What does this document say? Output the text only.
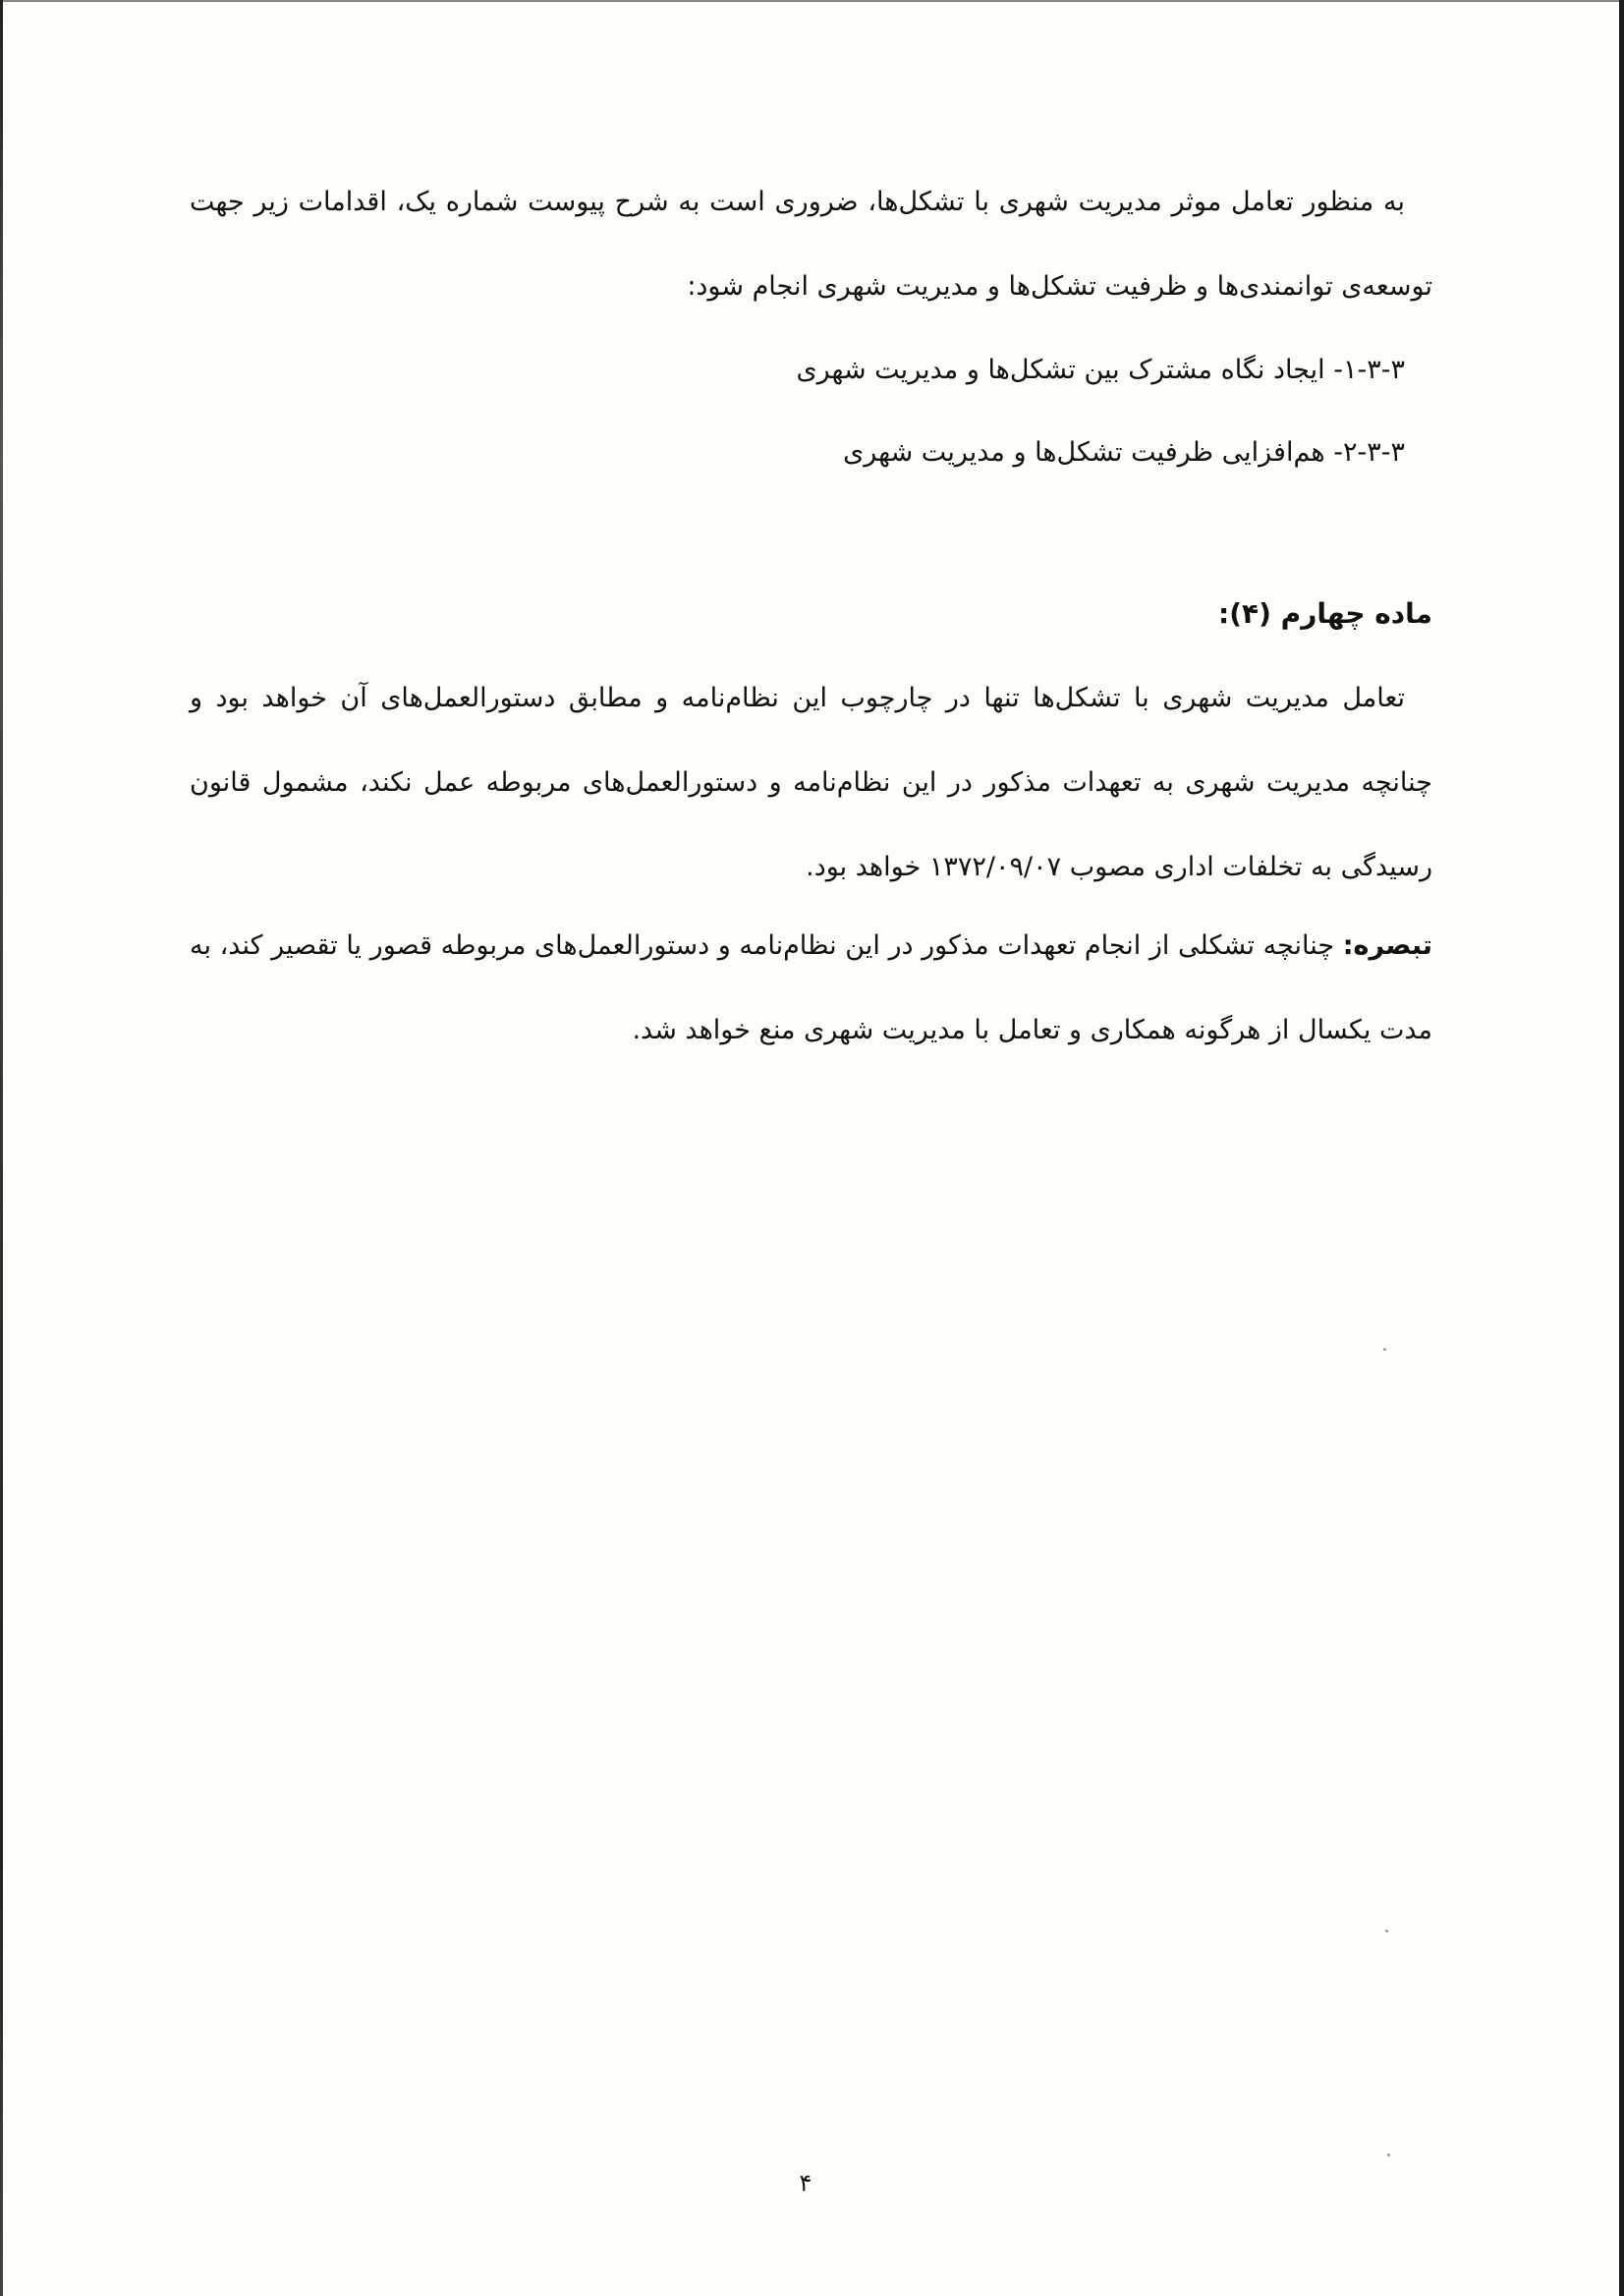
به منظور تعامل موثر مدیریت شهری با تشکل‌ها، ضروری است به شرح پیوست شماره یک، اقدامات زیر جهت
توسعه‌ی توانمندی‌ها و ظرفیت تشکل‌ها و مدیریت شهری انجام شود:
۱-۳-۳- ایجاد نگاه مشترک بین تشکل‌ها و مدیریت شهری
۲-۳-۳- هم‌افزایی ظرفیت تشکل‌ها و مدیریت شهری
ماده چهارم (۴):
تعامل مدیریت شهری با تشکل‌ها تنها در چارچوب این نظام‌نامه و مطابق دستورالعمل‌های آن خواهد بود و
چنانچه مدیریت شهری به تعهدات مذکور در این نظام‌نامه و دستورالعمل‌های مربوطه عمل نکند، مشمول قانون
رسیدگی به تخلفات اداری مصوب ۱۳۷۲/۰۹/۰۷ خواهد بود.
تبصره: چنانچه تشکلی از انجام تعهدات مذکور در این نظام‌نامه و دستورالعمل‌های مربوطه قصور یا تقصیر کند، به
مدت یکسال از هرگونه همکاری و تعامل با مدیریت شهری منع خواهد شد.
۴
